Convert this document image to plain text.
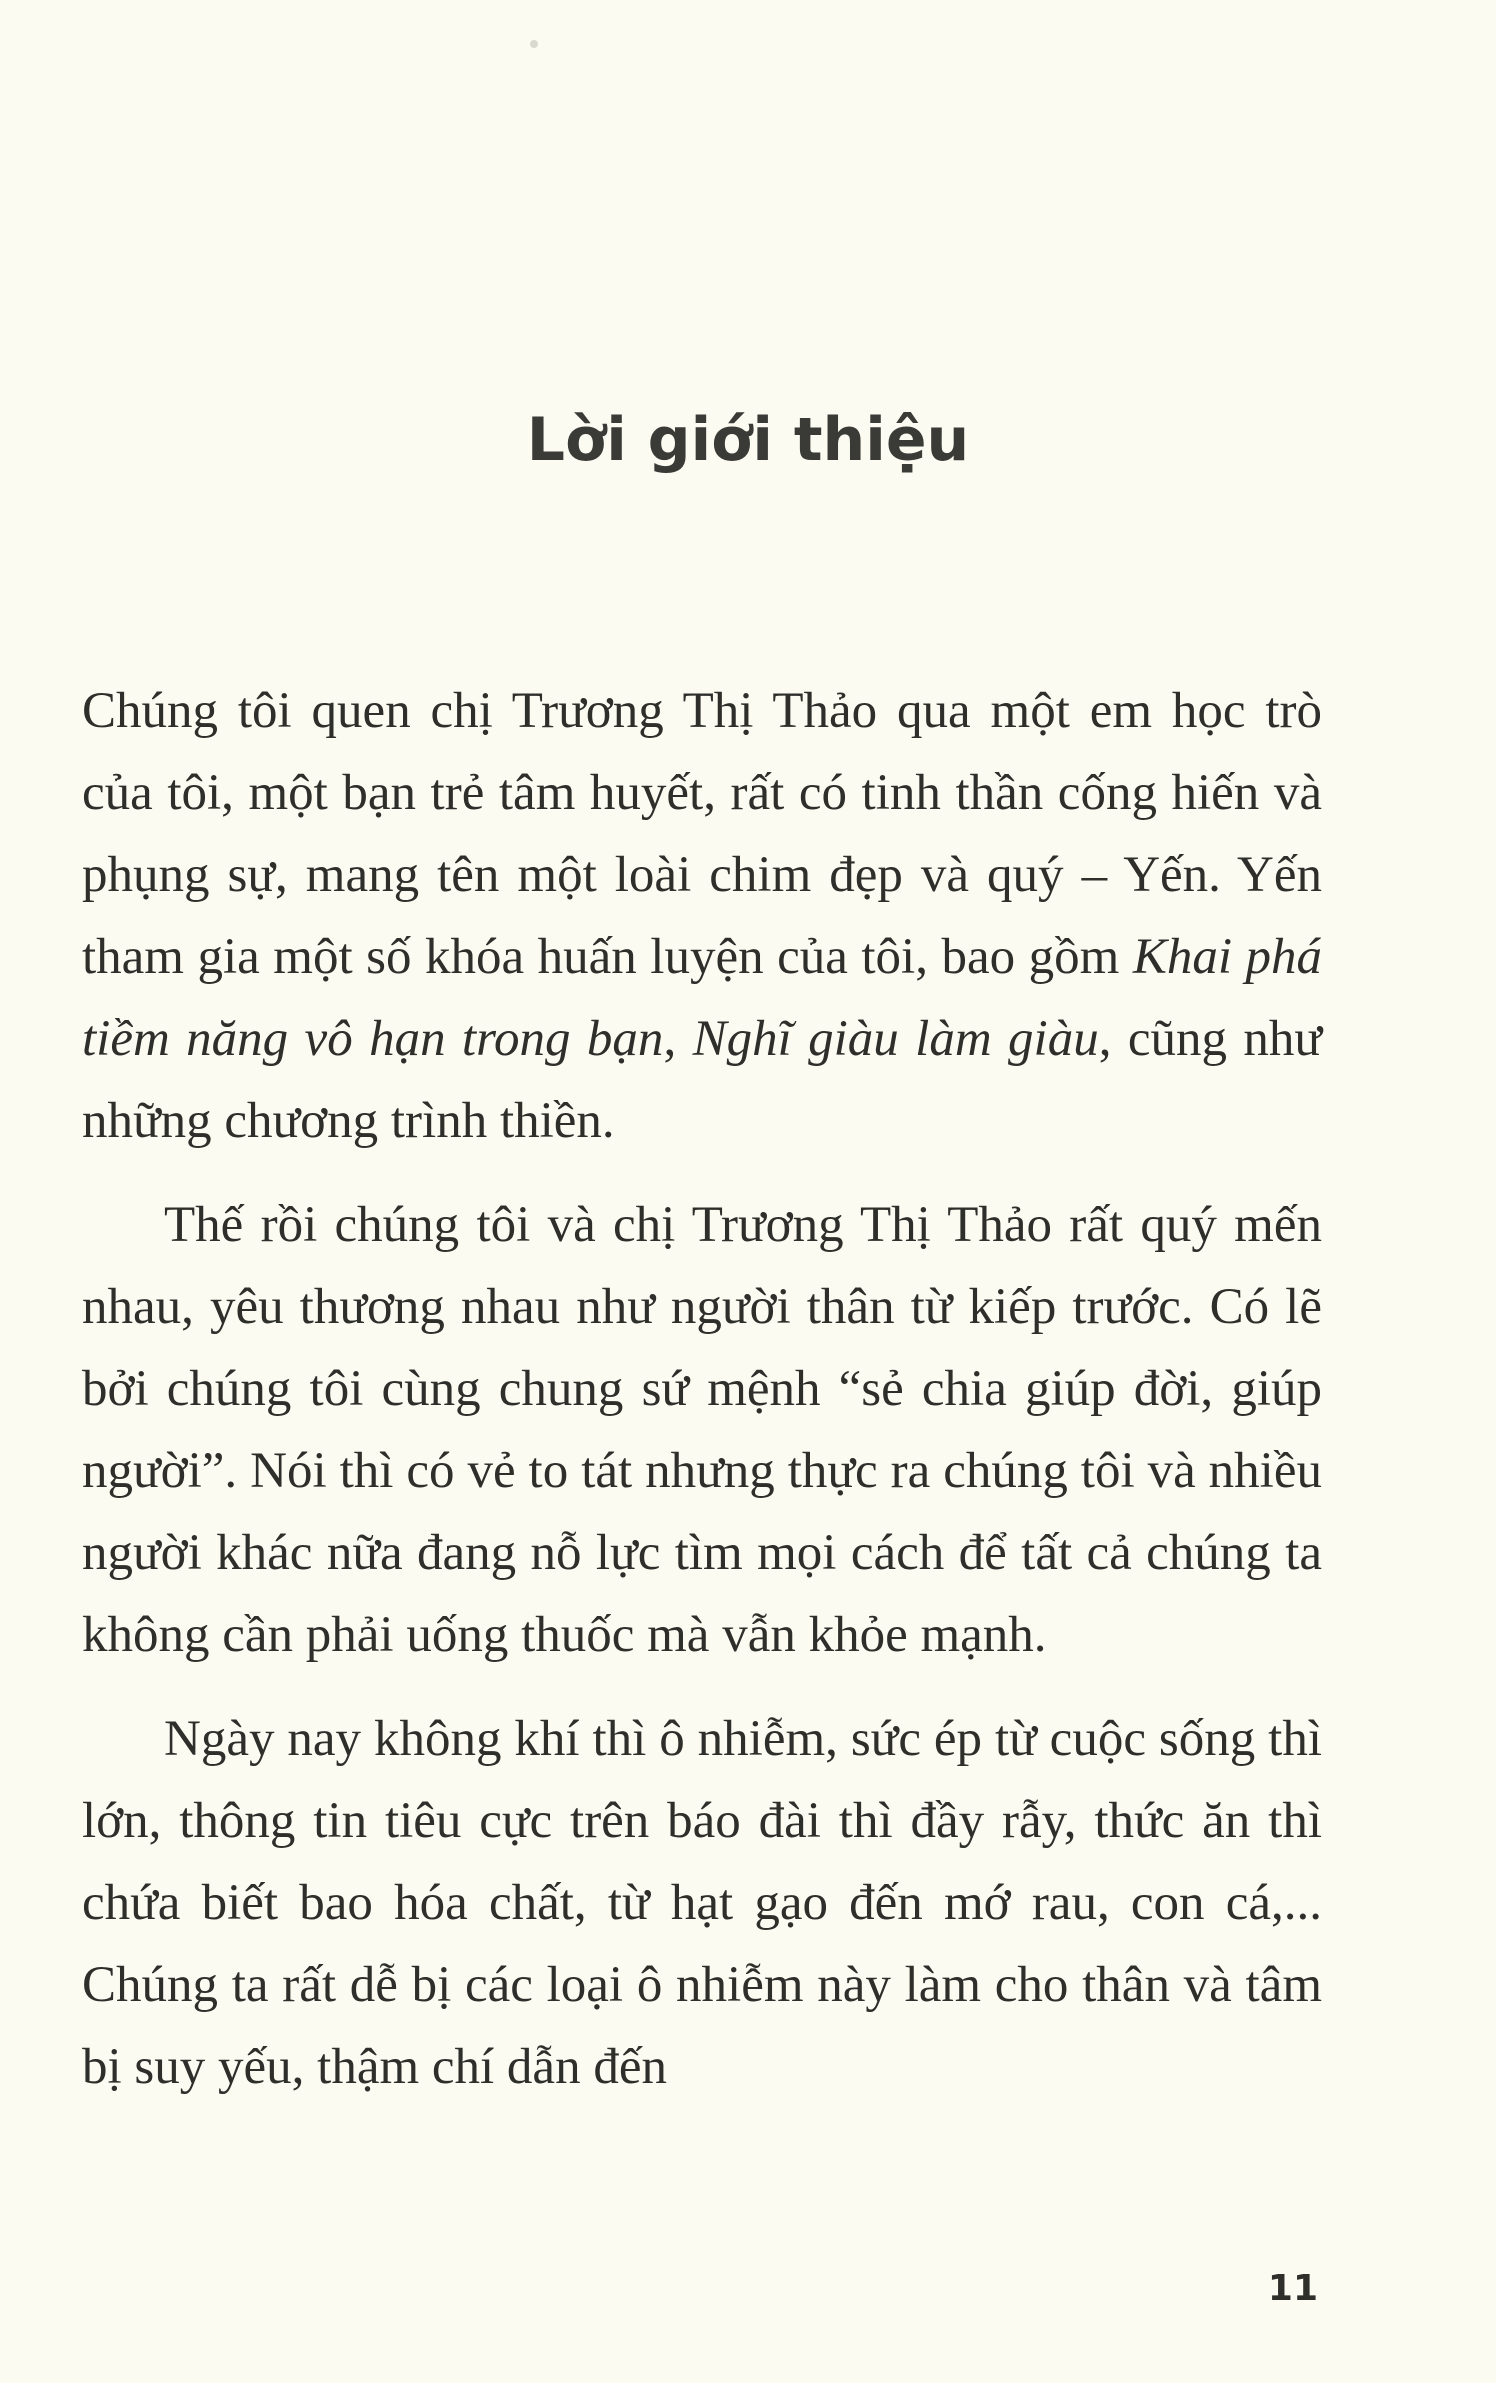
Lời giới thiệu

Chúng tôi quen chị Trương Thị Thảo qua một em học trò của tôi, một bạn trẻ tâm huyết, rất có tinh thần cống hiến và phụng sự, mang tên một loài chim đẹp và quý – Yến. Yến tham gia một số khóa huấn luyện của tôi, bao gồm Khai phá tiềm năng vô hạn trong bạn, Nghĩ giàu làm giàu, cũng như những chương trình thiền.

Thế rồi chúng tôi và chị Trương Thị Thảo rất quý mến nhau, yêu thương nhau như người thân từ kiếp trước. Có lẽ bởi chúng tôi cùng chung sứ mệnh “sẻ chia giúp đời, giúp người”. Nói thì có vẻ to tát nhưng thực ra chúng tôi và nhiều người khác nữa đang nỗ lực tìm mọi cách để tất cả chúng ta không cần phải uống thuốc mà vẫn khỏe mạnh.

Ngày nay không khí thì ô nhiễm, sức ép từ cuộc sống thì lớn, thông tin tiêu cực trên báo đài thì đầy rẫy, thức ăn thì chứa biết bao hóa chất, từ hạt gạo đến mớ rau, con cá,... Chúng ta rất dễ bị các loại ô nhiễm này làm cho thân và tâm bị suy yếu, thậm chí dẫn đến

11
